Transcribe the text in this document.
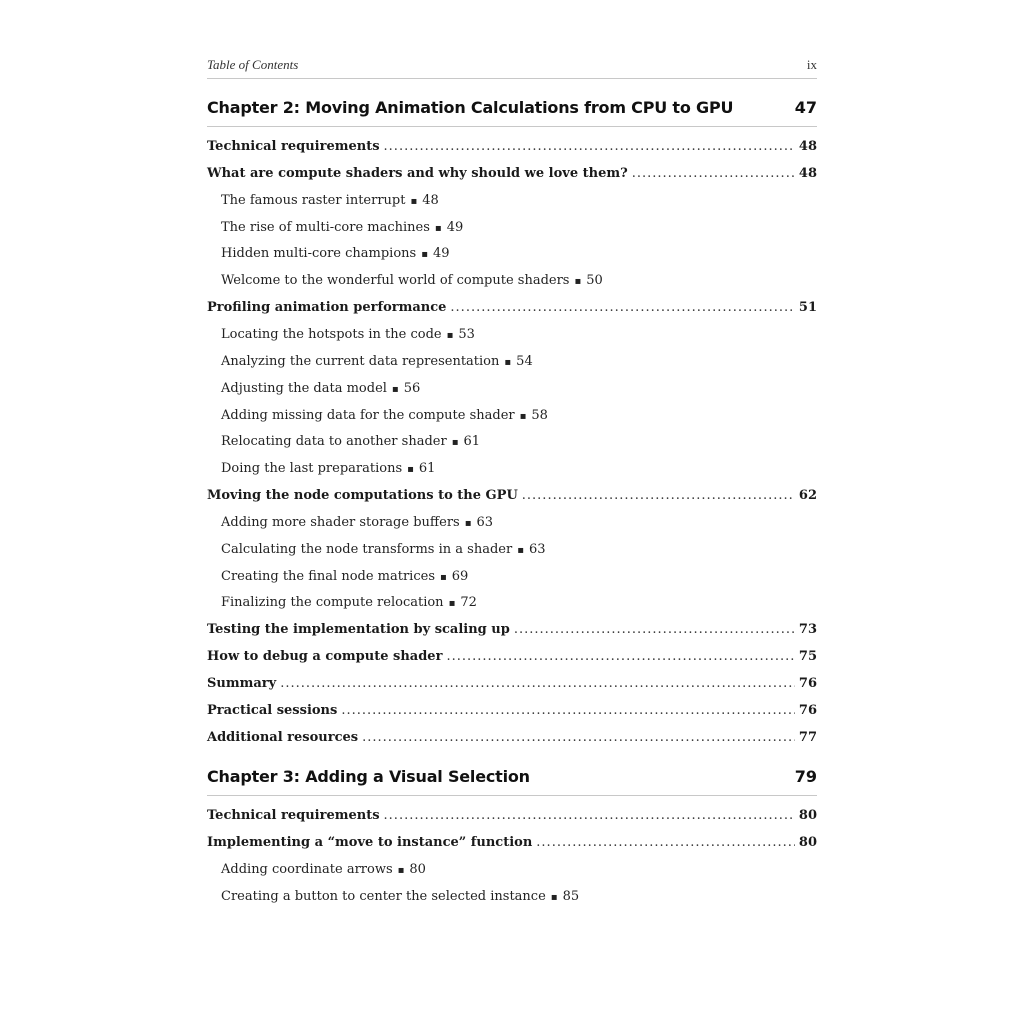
Table of Contents	ix
Chapter 2: Moving Animation Calculations from CPU to GPU	47
Technical requirements .....	48
What are compute shaders and why should we love them? .....	48
The famous raster interrupt ▪ 48
The rise of multi-core machines ▪ 49
Hidden multi-core champions ▪ 49
Welcome to the wonderful world of compute shaders ▪ 50
Profiling animation performance .....	51
Locating the hotspots in the code ▪ 53
Analyzing the current data representation ▪ 54
Adjusting the data model ▪ 56
Adding missing data for the compute shader ▪ 58
Relocating data to another shader ▪ 61
Doing the last preparations ▪ 61
Moving the node computations to the GPU .....	62
Adding more shader storage buffers ▪ 63
Calculating the node transforms in a shader ▪ 63
Creating the final node matrices ▪ 69
Finalizing the compute relocation ▪ 72
Testing the implementation by scaling up .....	73
How to debug a compute shader .....	75
Summary .....	76
Practical sessions .....	76
Additional resources .....	77
Chapter 3: Adding a Visual Selection	79
Technical requirements .....	80
Implementing a “move to instance” function .....	80
Adding coordinate arrows ▪ 80
Creating a button to center the selected instance ▪ 85
